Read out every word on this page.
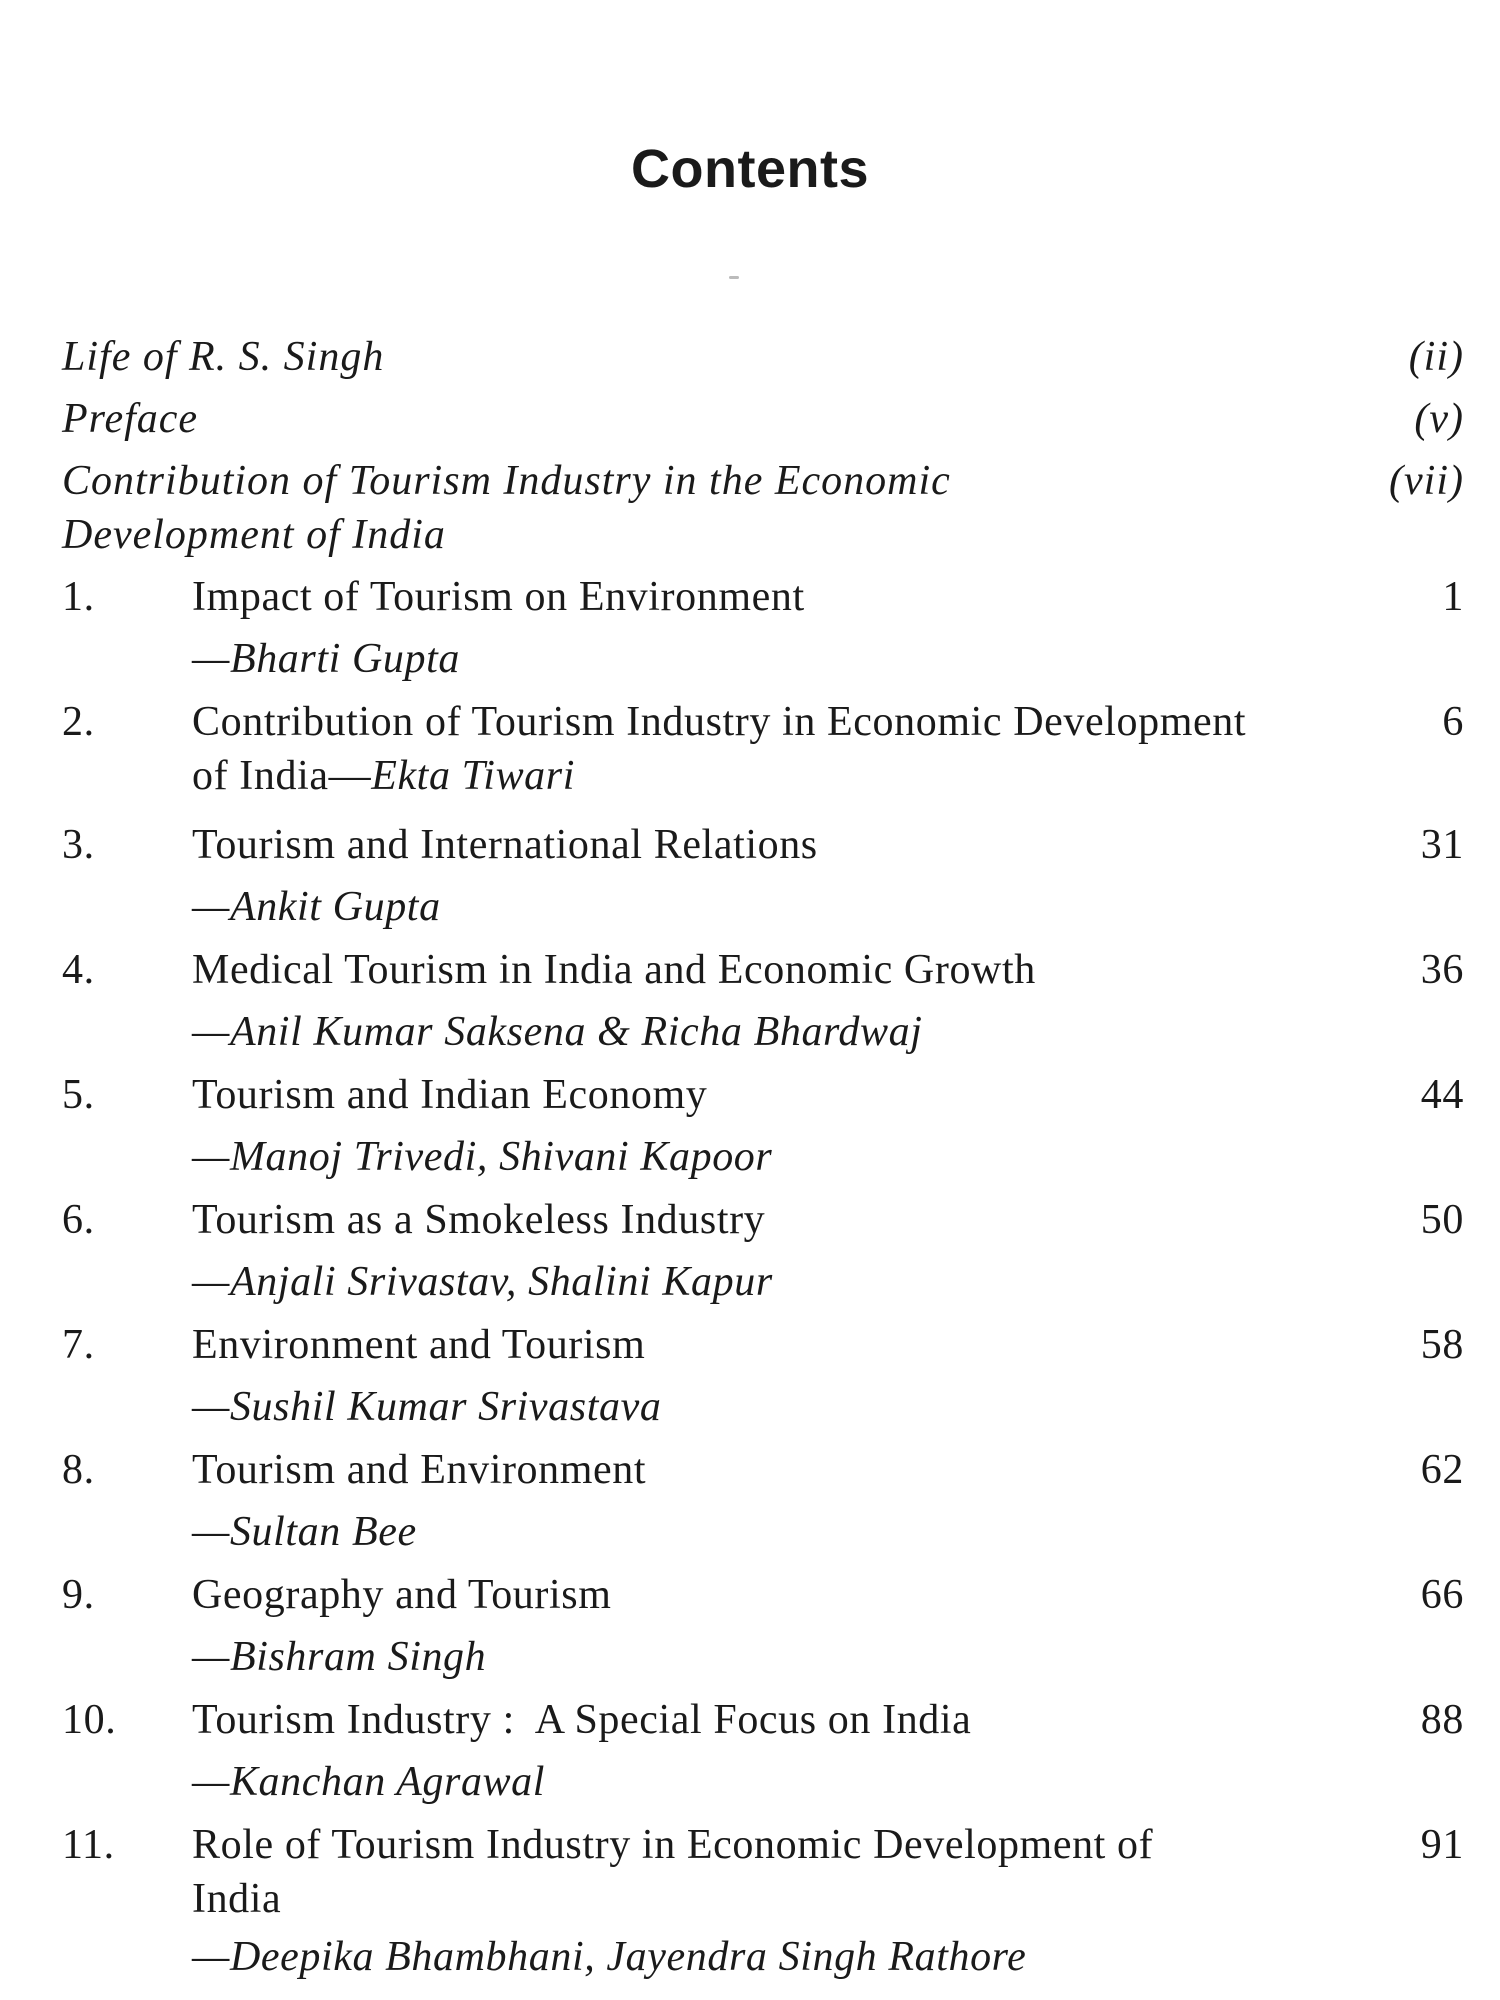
Contents
Life of R. S. Singh	(ii)
Preface	(v)
Contribution of Tourism Industry in the Economic Development of India
(vii)
1. Impact of Tourism on Environment
—Bharti Gupta
1
2. Contribution of Tourism Industry in Economic Development of India—Ekta Tiwari
6
3. Tourism and International Relations
—Ankit Gupta
31
4. Medical Tourism in India and Economic Growth
—Anil Kumar Saksena & Richa Bhardwaj
36
5. Tourism and Indian Economy
—Manoj Trivedi, Shivani Kapoor
44
6. Tourism as a Smokeless Industry
—Anjali Srivastav, Shalini Kapur
50
7. Environment and Tourism
—Sushil Kumar Srivastava
58
8. Tourism and Environment
—Sultan Bee
62
9. Geography and Tourism
—Bishram Singh
66
10. Tourism Industry :  A Special Focus on India
—Kanchan Agrawal
88
11. Role of Tourism Industry in Economic Development of India
—Deepika Bhambhani, Jayendra Singh Rathore
91
